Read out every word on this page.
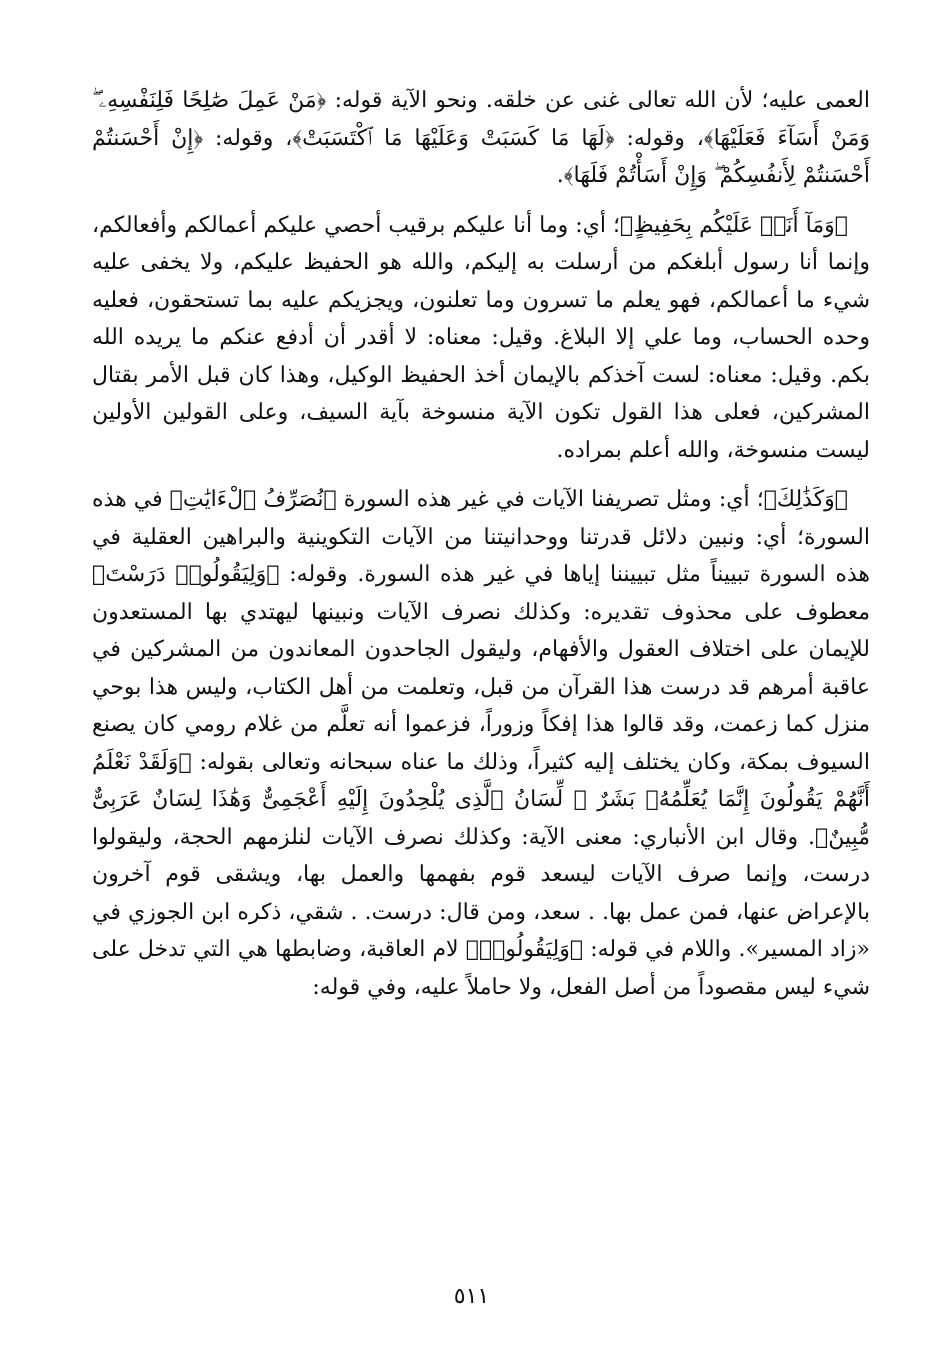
العمى عليه؛ لأن الله تعالى غنى عن خلقه. ونحو الآية قوله: ﴿مَنْ عَمِلَ صَٰلِحًا فَلِنَفْسِهِۦ ۖ وَمَنْ أَسَآءَ فَعَلَيْهَا﴾، وقوله: ﴿لَهَا مَا كَسَبَتْ وَعَلَيْهَا مَا ٱكْتَسَبَتْ﴾، وقوله: ﴿إِنْ أَحْسَنتُمْ أَحْسَنتُمْ لِأَنفُسِكُمْ ۖ وَإِنْ أَسَأْتُمْ فَلَهَا﴾.

﴿وَمَآ أَنَا۠ عَلَيْكُم بِحَفِيظٍ﴾؛ أي: وما أنا عليكم برقيب أحصي عليكم أعمالكم وأفعالكم، وإنما أنا رسول أبلغكم من أرسلت به إليكم، والله هو الحفيظ عليكم، ولا يخفى عليه شيء ما أعمالكم، فهو يعلم ما تسرون وما تعلنون، ويجزيكم عليه بما تستحقون، فعليه وحده الحساب، وما علي إلا البلاغ. وقيل: معناه: لا أقدر أن أدفع عنكم ما يريده الله بكم. وقيل: معناه: لست آخذكم بالإيمان أخذ الحفيظ الوكيل، وهذا كان قبل الأمر بقتال المشركين، فعلى هذا القول تكون الآية منسوخة بآية السيف، وعلى القولين الأولين ليست منسوخة، والله أعلم بمراده.

﴿وَكَذَٰلِكَ﴾؛ أي: ومثل تصريفنا الآيات في غير هذه السورة ﴿نُصَرِّفُ ٱلْءَايَٰتِ﴾ في هذه السورة؛ أي: ونبين دلائل قدرتنا ووحدانيتنا من الآيات التكوينية والبراهين العقلية في هذه السورة تبييناً مثل تبييننا إياها في غير هذه السورة. وقوله: ﴿وَلِيَقُولُوا۟ دَرَسْتَ﴾ معطوف على محذوف تقديره: وكذلك نصرف الآيات ونبينها ليهتدي بها المستعدون للإيمان على اختلاف العقول والأفهام، وليقول الجاحدون المعاندون من المشركين في عاقبة أمرهم قد درست هذا القرآن من قبل، وتعلمت من أهل الكتاب، وليس هذا بوحي منزل كما زعمت، وقد قالوا هذا إفكاً وزوراً، فزعموا أنه تعلَّم من غلام رومي كان يصنع السيوف بمكة، وكان يختلف إليه كثيراً، وذلك ما عناه سبحانه وتعالى بقوله: ﴿وَلَقَدْ نَعْلَمُ أَنَّهُمْ يَقُولُونَ إِنَّمَا يُعَلِّمُهُۥ بَشَرٌ ۗ لِّسَانُ ٱلَّذِى يُلْحِدُونَ إِلَيْهِ أَعْجَمِىٌّ وَهَٰذَا لِسَانٌ عَرَبِىٌّ مُّبِينٌ﴾. وقال ابن الأنباري: معنى الآية: وكذلك نصرف الآيات لنلزمهم الحجة، وليقولوا درست، وإنما صرف الآيات ليسعد قوم بفهمها والعمل بها، ويشقى قوم آخرون بالإعراض عنها، فمن عمل بها. . سعد، ومن قال: درست. . شقي، ذكره ابن الجوزي في «زاد المسير». واللام في قوله: ﴿وَلِيَقُولُوا۟﴾ لام العاقبة، وضابطها هي التي تدخل على شيء ليس مقصوداً من أصل الفعل، ولا حاملاً عليه، وفي قوله:

٥١١
